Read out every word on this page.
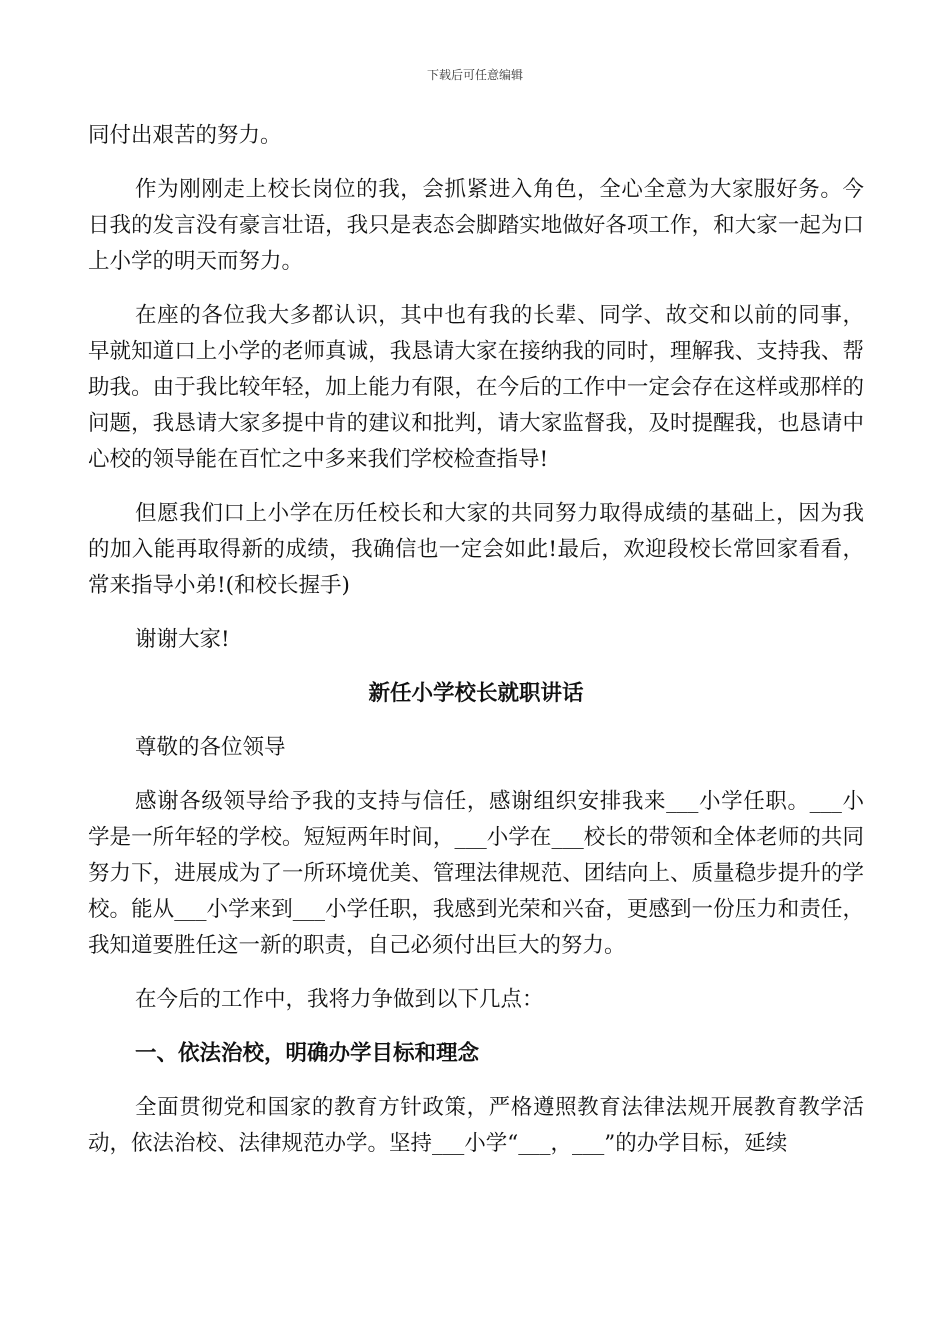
下载后可任意编辑

同付出艰苦的努力。

作为刚刚走上校长岗位的我，会抓紧进入角色，全心全意为大家服好务。今日我的发言没有豪言壮语，我只是表态会脚踏实地做好各项工作，和大家一起为口上小学的明天而努力。

在座的各位我大多都认识，其中也有我的长辈、同学、故交和以前的同事，早就知道口上小学的老师真诚，我恳请大家在接纳我的同时，理解我、支持我、帮助我。由于我比较年轻，加上能力有限，在今后的工作中一定会存在这样或那样的问题，我恳请大家多提中肯的建议和批判，请大家监督我，及时提醒我，也恳请中心校的领导能在百忙之中多来我们学校检查指导!

但愿我们口上小学在历任校长和大家的共同努力取得成绩的基础上，因为我的加入能再取得新的成绩，我确信也一定会如此!最后，欢迎段校长常回家看看，常来指导小弟!(和校长握手)

谢谢大家!

新任小学校长就职讲话

尊敬的各位领导

感谢各级领导给予我的支持与信任，感谢组织安排我来___小学任职。___小学是一所年轻的学校。短短两年时间，___小学在___校长的带领和全体老师的共同努力下，进展成为了一所环境优美、管理法律规范、团结向上、质量稳步提升的学校。能从___小学来到___小学任职，我感到光荣和兴奋，更感到一份压力和责任，我知道要胜任这一新的职责，自己必须付出巨大的努力。

在今后的工作中，我将力争做到以下几点：

一、依法治校，明确办学目标和理念

全面贯彻党和国家的教育方针政策，严格遵照教育法律法规开展教育教学活动，依法治校、法律规范办学。坚持___小学“___，___”的办学目标，延续
